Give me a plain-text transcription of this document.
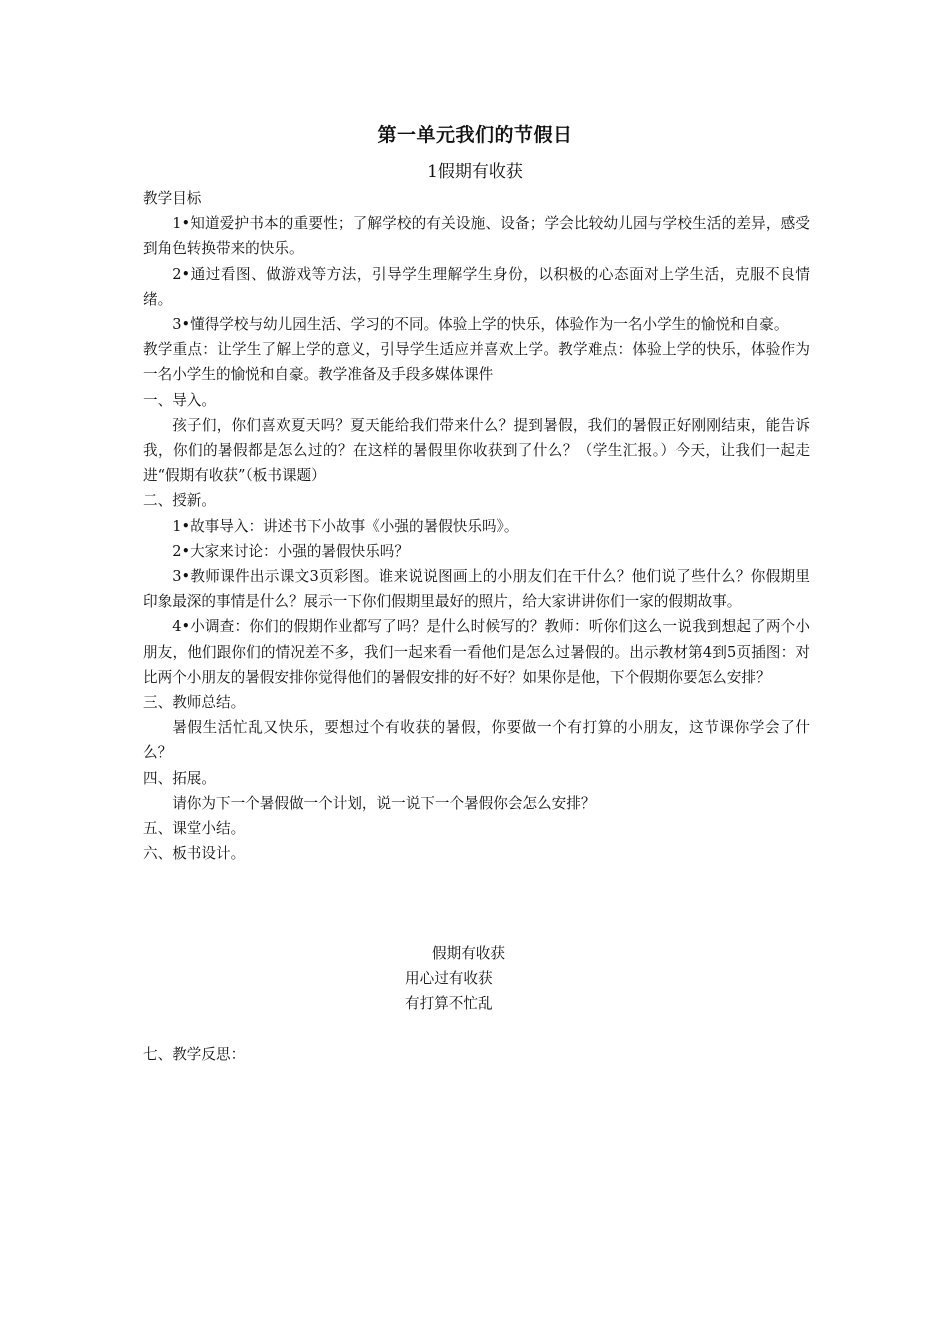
第一单元我们的节假日
1假期有收获

教学目标

1•知道爱护书本的重要性；了解学校的有关设施、设备；学会比较幼儿园与学校生活的差异，感受到角色转换带来的快乐。

2•通过看图、做游戏等方法，引导学生理解学生身份，以积极的心态面对上学生活，克服不良情绪。

3•懂得学校与幼儿园生活、学习的不同。体验上学的快乐，体验作为一名小学生的愉悦和自豪。

教学重点：让学生了解上学的意义，引导学生适应并喜欢上学。教学难点：体验上学的快乐，体验作为一名小学生的愉悦和自豪。教学准备及手段多媒体课件

一、导入。

孩子们，你们喜欢夏天吗？夏天能给我们带来什么？提到暑假，我们的暑假正好刚刚结束，能告诉我，你们的暑假都是怎么过的？在这样的暑假里你收获到了什么？（学生汇报。）今天，让我们一起走进“假期有收获”（板书课题）

二、授新。

1•故事导入：讲述书下小故事《小强的暑假快乐吗》。

2•大家来讨论：小强的暑假快乐吗？

3•教师课件出示课文3页彩图。谁来说说图画上的小朋友们在干什么？他们说了些什么？你假期里印象最深的事情是什么？展示一下你们假期里最好的照片，给大家讲讲你们一家的假期故事。

4•小调查：你们的假期作业都写了吗？是什么时候写的？教师：听你们这么一说我到想起了两个小朋友，他们跟你们的情况差不多，我们一起来看一看他们是怎么过暑假的。出示教材第4到5页插图：对比两个小朋友的暑假安排你觉得他们的暑假安排的好不好？如果你是他，下个假期你要怎么安排？

三、教师总结。

暑假生活忙乱又快乐，要想过个有收获的暑假，你要做一个有打算的小朋友，这节课你学会了什么？

四、拓展。

请你为下一个暑假做一个计划，说一说下一个暑假你会怎么安排？

五、课堂小结。

六、板书设计。

假期有收获
用心过有收获
有打算不忙乱
七、教学反思：
